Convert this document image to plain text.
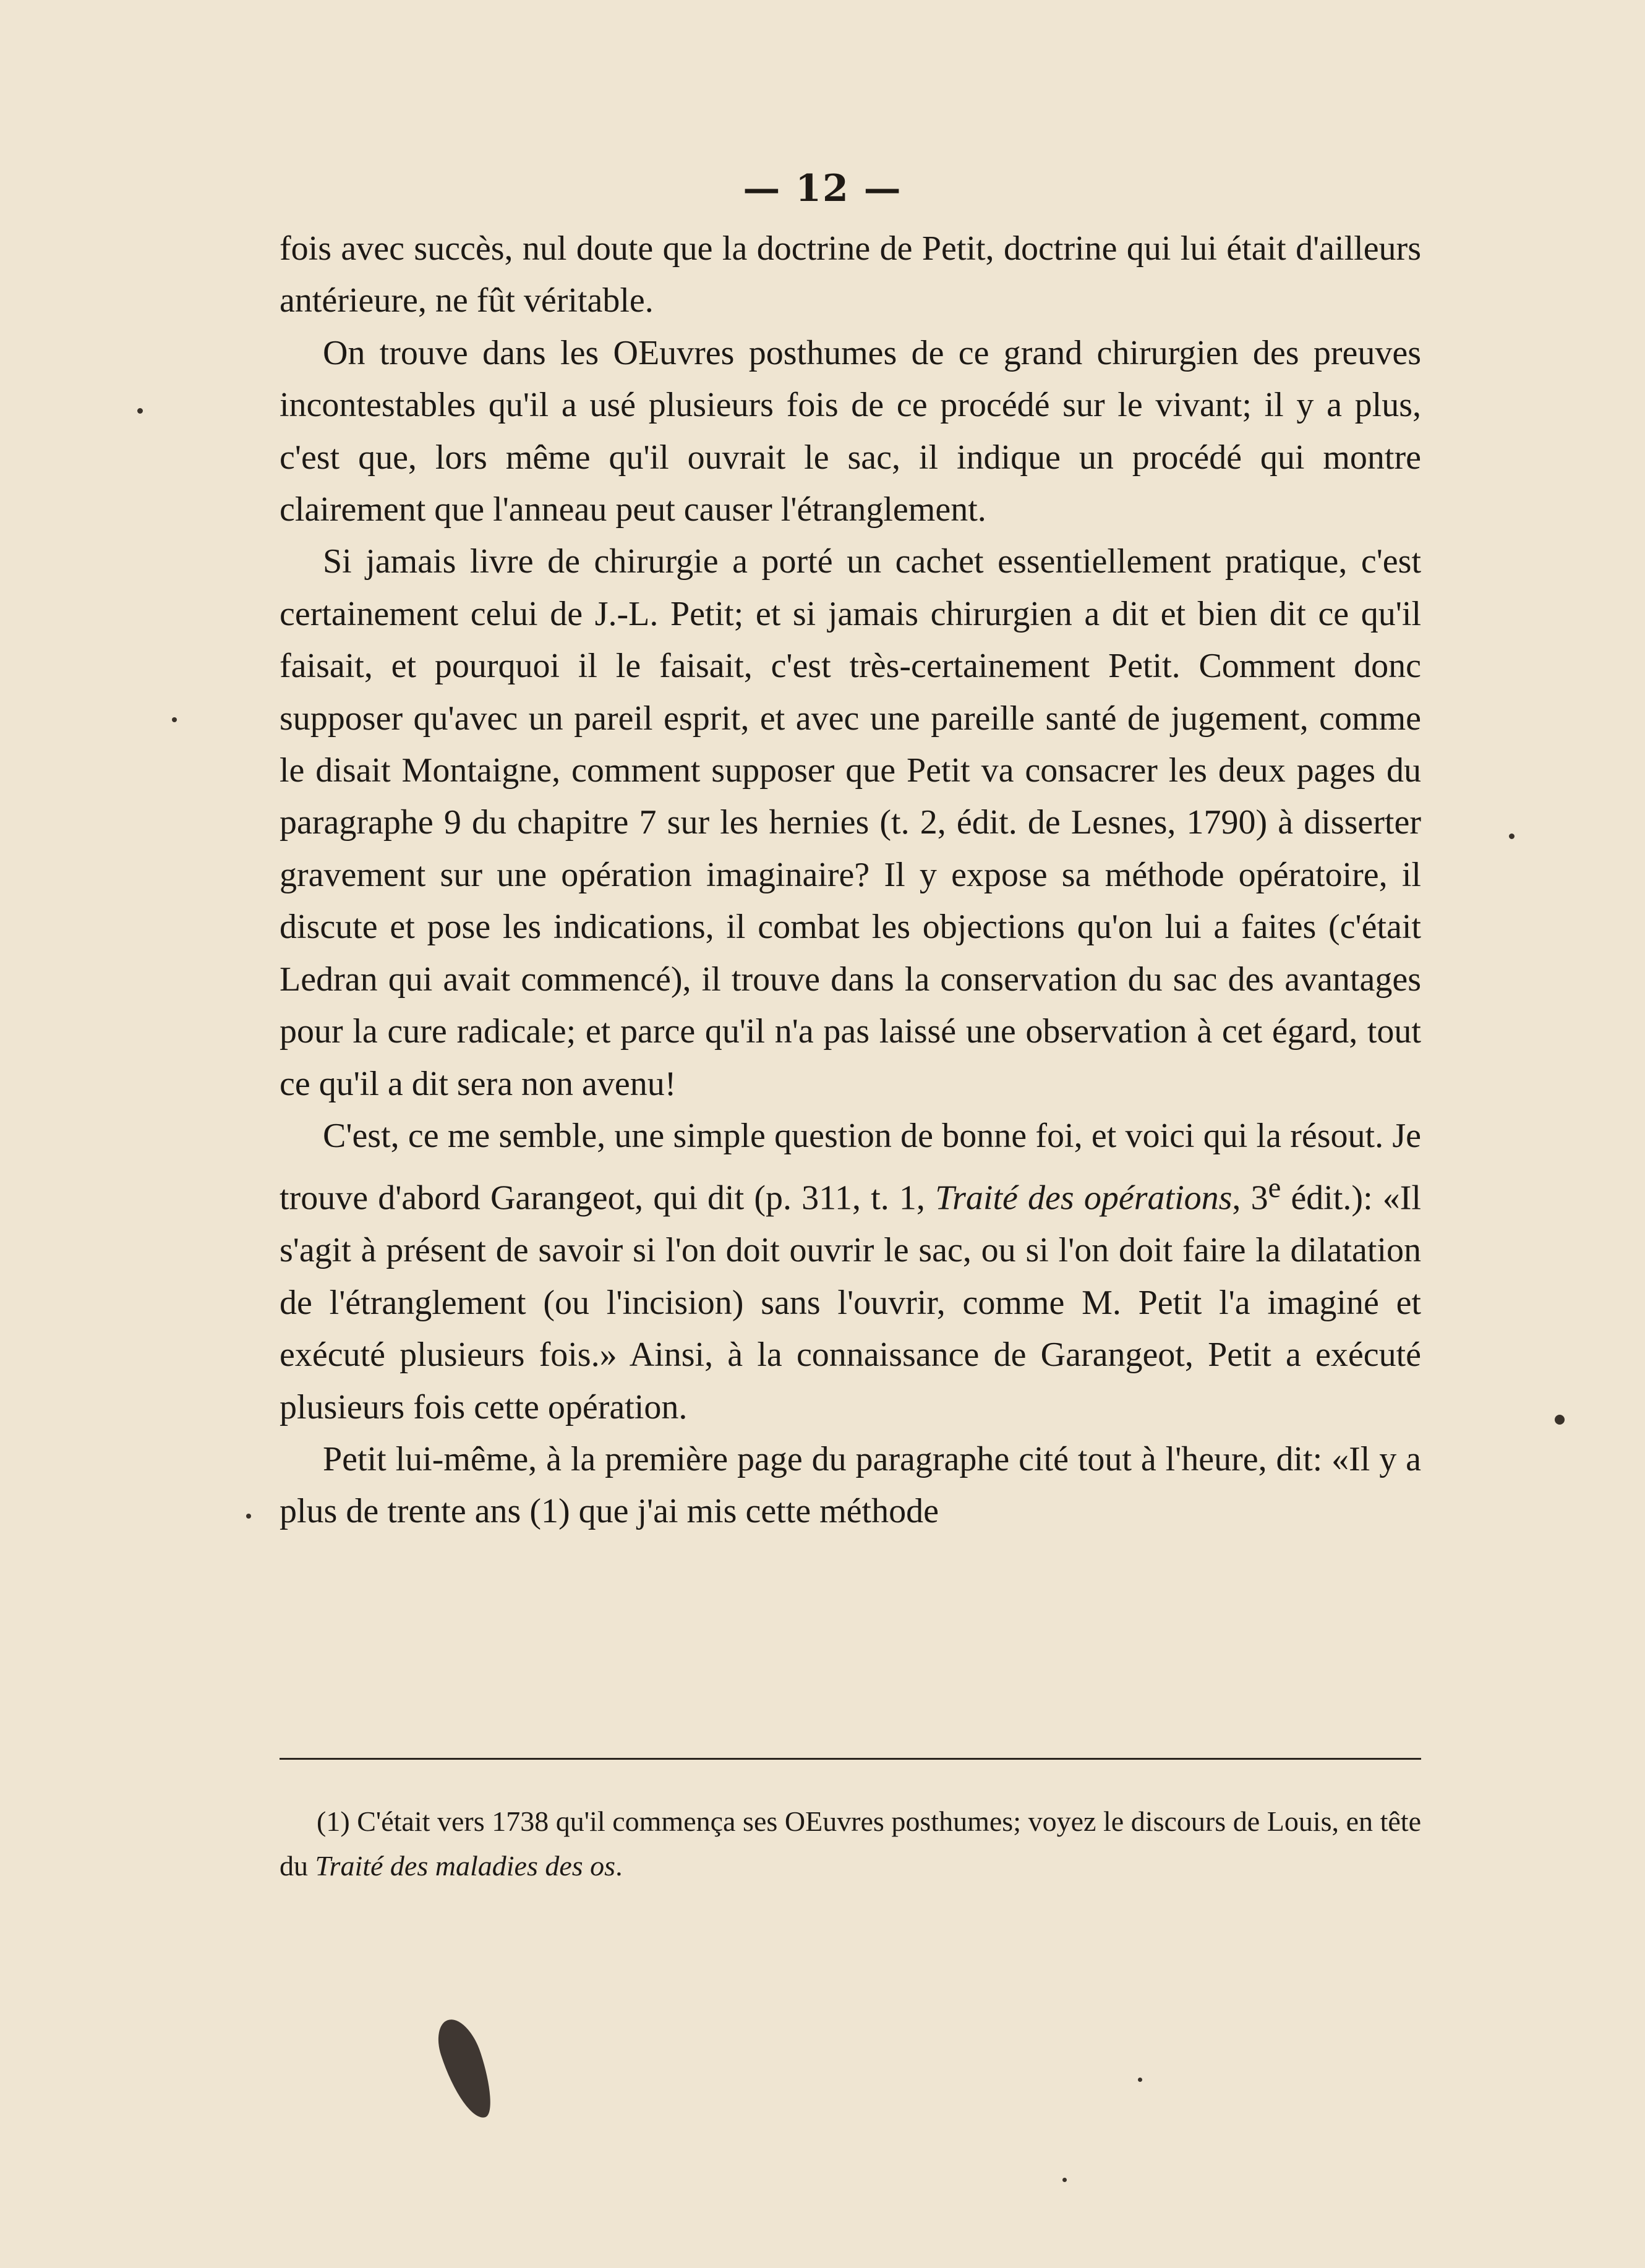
— 12 —

fois avec succès, nul doute que la doctrine de Petit, doctrine qui lui était d'ailleurs antérieure, ne fût véritable.

On trouve dans les OEuvres posthumes de ce grand chirurgien des preuves incontestables qu'il a usé plusieurs fois de ce procédé sur le vivant; il y a plus, c'est que, lors même qu'il ouvrait le sac, il indique un procédé qui montre clairement que l'anneau peut causer l'étranglement.

Si jamais livre de chirurgie a porté un cachet essentiellement pratique, c'est certainement celui de J.-L. Petit; et si jamais chirurgien a dit et bien dit ce qu'il faisait, et pourquoi il le faisait, c'est très-certainement Petit. Comment donc supposer qu'avec un pareil esprit, et avec une pareille santé de jugement, comme le disait Montaigne, comment supposer que Petit va consacrer les deux pages du paragraphe 9 du chapitre 7 sur les hernies (t. 2, édit. de Lesnes, 1790) à disserter gravement sur une opération imaginaire? Il y expose sa méthode opératoire, il discute et pose les indications, il combat les objections qu'on lui a faites (c'était Ledran qui avait commencé), il trouve dans la conservation du sac des avantages pour la cure radicale; et parce qu'il n'a pas laissé une observation à cet égard, tout ce qu'il a dit sera non avenu!

C'est, ce me semble, une simple question de bonne foi, et voici qui la résout. Je trouve d'abord Garangeot, qui dit (p. 311, t. 1, Traité des opérations, 3e édit.): «Il s'agit à présent de savoir si l'on doit ouvrir le sac, ou si l'on doit faire la dilatation de l'étranglement (ou l'incision) sans l'ouvrir, comme M. Petit l'a imaginé et exécuté plusieurs fois.» Ainsi, à la connaissance de Garangeot, Petit a exécuté plusieurs fois cette opération.

Petit lui-même, à la première page du paragraphe cité tout à l'heure, dit: «Il y a plus de trente ans (1) que j'ai mis cette méthode

(1) C'était vers 1738 qu'il commença ses OEuvres posthumes; voyez le discours de Louis, en tête du Traité des maladies des os.
